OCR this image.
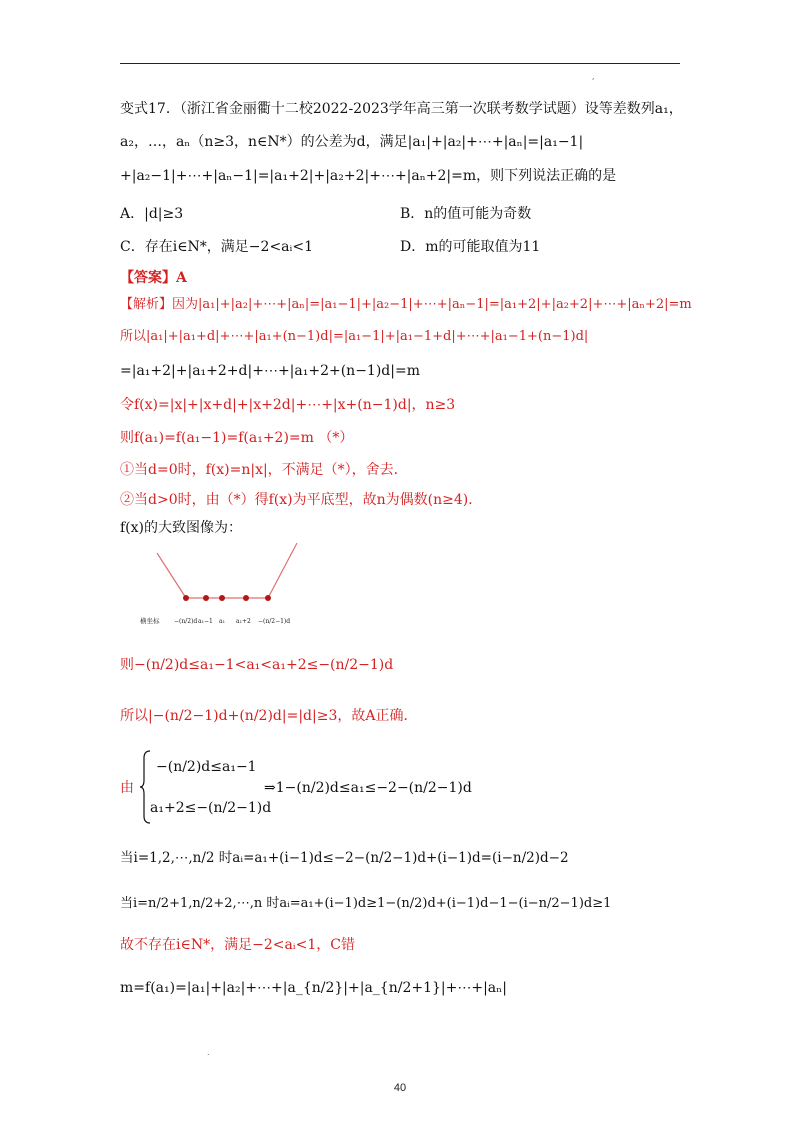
,
变式17．（浙江省金丽衢十二校2022-2023学年高三第一次联考数学试题）设等差数列a₁，
a₂，…，aₙ（n≥3，n∈N*）的公差为d，满足|a₁|+|a₂|+⋯+|aₙ|=|a₁−1|
+|a₂−1|+⋯+|aₙ−1|=|a₁+2|+|a₂+2|+⋯+|aₙ+2|=m，则下列说法正确的是
A．|d|≥3	B．n的值可能为奇数
C．存在i∈N*，满足−2<aᵢ<1	D．m的可能取值为11
【答案】A
【解析】因为|a₁|+|a₂|+⋯+|aₙ|=|a₁−1|+|a₂−1|+⋯+|aₙ−1|=|a₁+2|+|a₂+2|+⋯+|aₙ+2|=m
所以|a₁|+|a₁+d|+⋯+|a₁+(n−1)d|=|a₁−1|+|a₁−1+d|+⋯+|a₁−1+(n−1)d|
=|a₁+2|+|a₁+2+d|+⋯+|a₁+2+(n−1)d|=m
令f(x)=|x|+|x+d|+|x+2d|+⋯+|x+(n−1)d|，n≥3
则f(a₁)=f(a₁−1)=f(a₁+2)=m （*）
①当d=0时，f(x)=n|x|，不满足（*），舍去．
②当d>0时，由（*）得f(x)为平底型，故n为偶数(n≥4)．
f(x)的大致图像为：
横坐标 −(n/2)d a₁−1 a₁ a₁+2 −(n/2−1)d
则−(n/2)d≤a₁−1<a₁<a₁+2≤−(n/2−1)d
所以|−(n/2−1)d+(n/2)d|=|d|≥3，故A正确．
由
−(n/2)d≤a₁−1
a₁+2≤−(n/2−1)d
⇒1−(n/2)d≤a₁≤−2−(n/2−1)d
当i=1,2,⋯,n/2 时aᵢ=a₁+(i−1)d≤−2−(n/2−1)d+(i−1)d=(i−n/2)d−2
当i=n/2+1,n/2+2,⋯,n 时aᵢ=a₁+(i−1)d≥1−(n/2)d+(i−1)d−1−(i−n/2−1)d≥1
故不存在i∈N*，满足−2<aᵢ<1，C错
m=f(a₁)=|a₁|+|a₂|+⋯+|a_{n/2}|+|a_{n/2+1}|+⋯+|aₙ|
.
40
